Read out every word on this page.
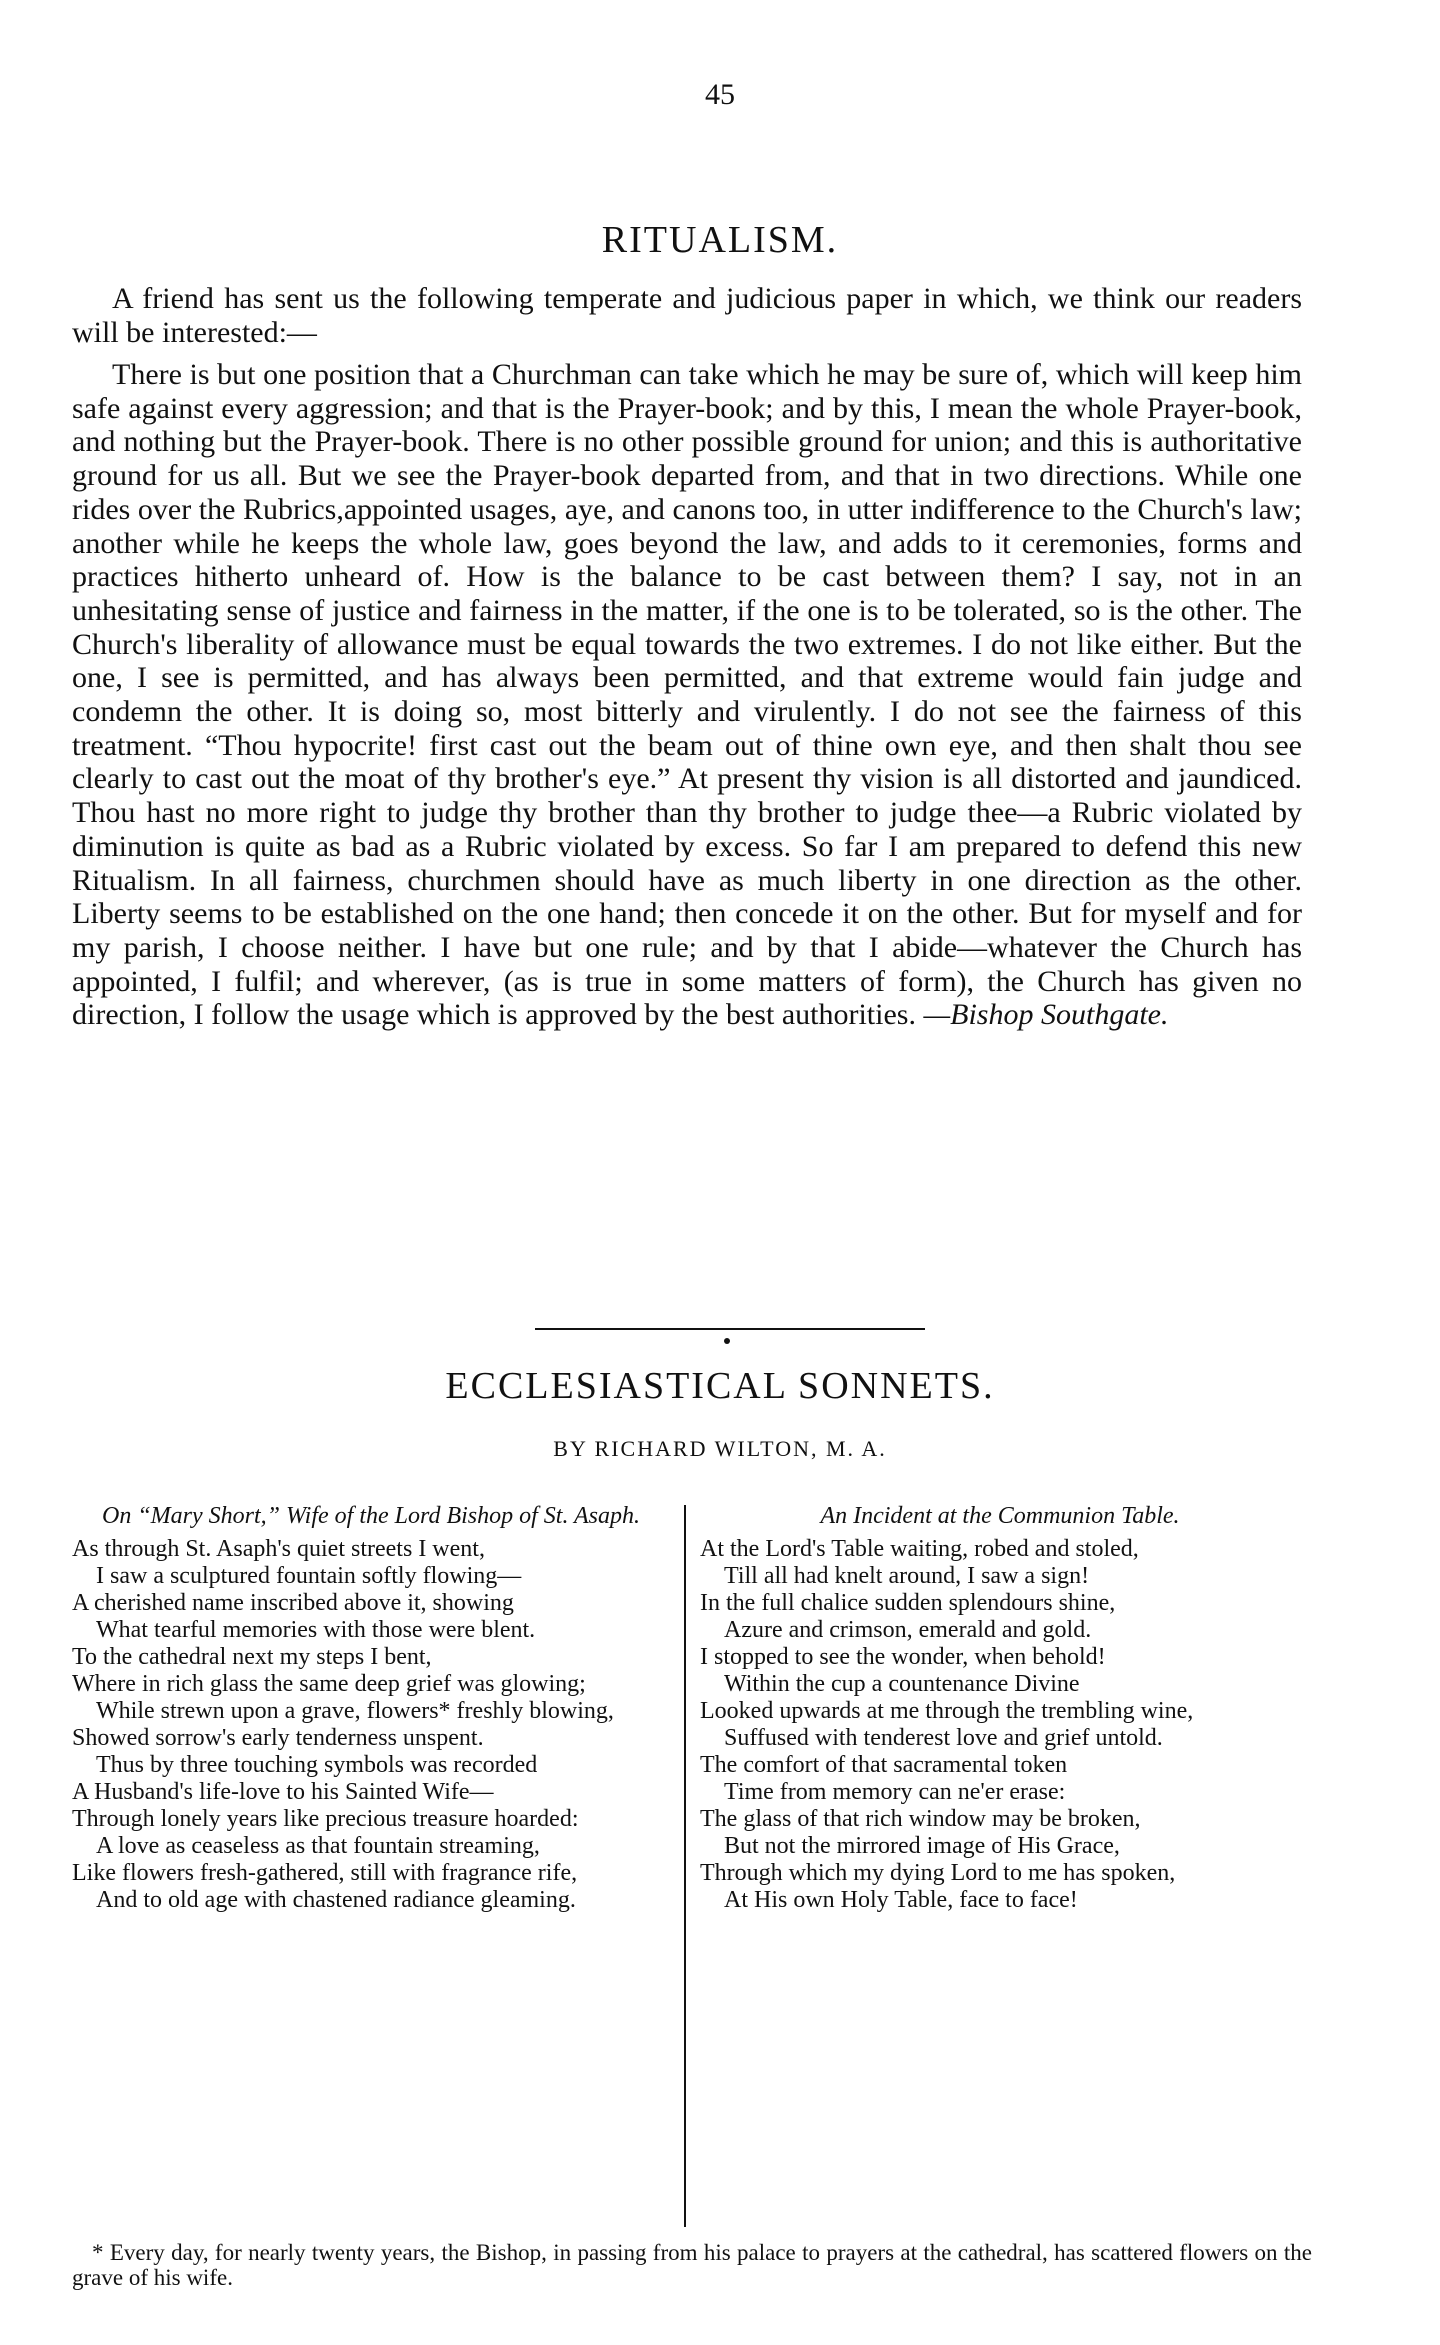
45
RITUALISM.

A friend has sent us the following temperate and judicious paper in which, we think our readers will be interested:—

There is but one position that a Churchman can take which he may be sure of, which will keep him safe against every aggression; and that is the Prayer-book; and by this, I mean the whole Prayer-book, and nothing but the Prayer-book. There is no other possible ground for union; and this is authoritative ground for us all. But we see the Prayer-book departed from, and that in two directions. While one rides over the Rubrics,appointed usages, aye, and canons too, in utter indifference to the Church's law; another while he keeps the whole law, goes beyond the law, and adds to it ceremonies, forms and practices hitherto unheard of. How is the balance to be cast between them? I say, not in an unhesitating sense of justice and fairness in the matter, if the one is to be tolerated, so is the other. The Church's liberality of allowance must be equal towards the two extremes. I do not like either. But the one, I see is permitted, and has always been permitted, and that extreme would fain judge and condemn the other. It is doing so, most bitterly and virulently. I do not see the fairness of this treatment. “Thou hypocrite! first cast out the beam out of thine own eye, and then shalt thou see clearly to cast out the moat of thy brother's eye.” At present thy vision is all distorted and jaundiced. Thou hast no more right to judge thy brother than thy brother to judge thee—a Rubric violated by diminution is quite as bad as a Rubric violated by excess. So far I am prepared to defend this new Ritualism. In all fairness, churchmen should have as much liberty in one direction as the other. Liberty seems to be established on the one hand; then concede it on the other. But for myself and for my parish, I choose neither. I have but one rule; and by that I abide—whatever the Church has appointed, I fulfil; and wherever, (as is true in some matters of form), the Church has given no direction, I follow the usage which is approved by the best authorities. —Bishop Southgate.

ECCLESIASTICAL SONNETS.
BY RICHARD WILTON, M. A.

On “Mary Short,” Wife of the Lord Bishop of St. Asaph.

As through St. Asaph's quiet streets I went,

I saw a sculptured fountain softly flowing—

A cherished name inscribed above it, showing

What tearful memories with those were blent.

To the cathedral next my steps I bent,

Where in rich glass the same deep grief was glowing;

While strewn upon a grave, flowers* freshly blowing,

Showed sorrow's early tenderness unspent.

Thus by three touching symbols was recorded

A Husband's life-love to his Sainted Wife—

Through lonely years like precious treasure hoarded:

A love as ceaseless as that fountain streaming,

Like flowers fresh-gathered, still with fragrance rife,

And to old age with chastened radiance gleaming.

An Incident at the Communion Table.

At the Lord's Table waiting, robed and stoled,

Till all had knelt around, I saw a sign!

In the full chalice sudden splendours shine,

Azure and crimson, emerald and gold.

I stopped to see the wonder, when behold!

Within the cup a countenance Divine

Looked upwards at me through the trembling wine,

Suffused with tenderest love and grief untold.

The comfort of that sacramental token

Time from memory can ne'er erase:

The glass of that rich window may be broken,

But not the mirrored image of His Grace,

Through which my dying Lord to me has spoken,

At His own Holy Table, face to face!

* Every day, for nearly twenty years, the Bishop, in passing from his palace to prayers at the cathedral, has scattered flowers on the grave of his wife.
